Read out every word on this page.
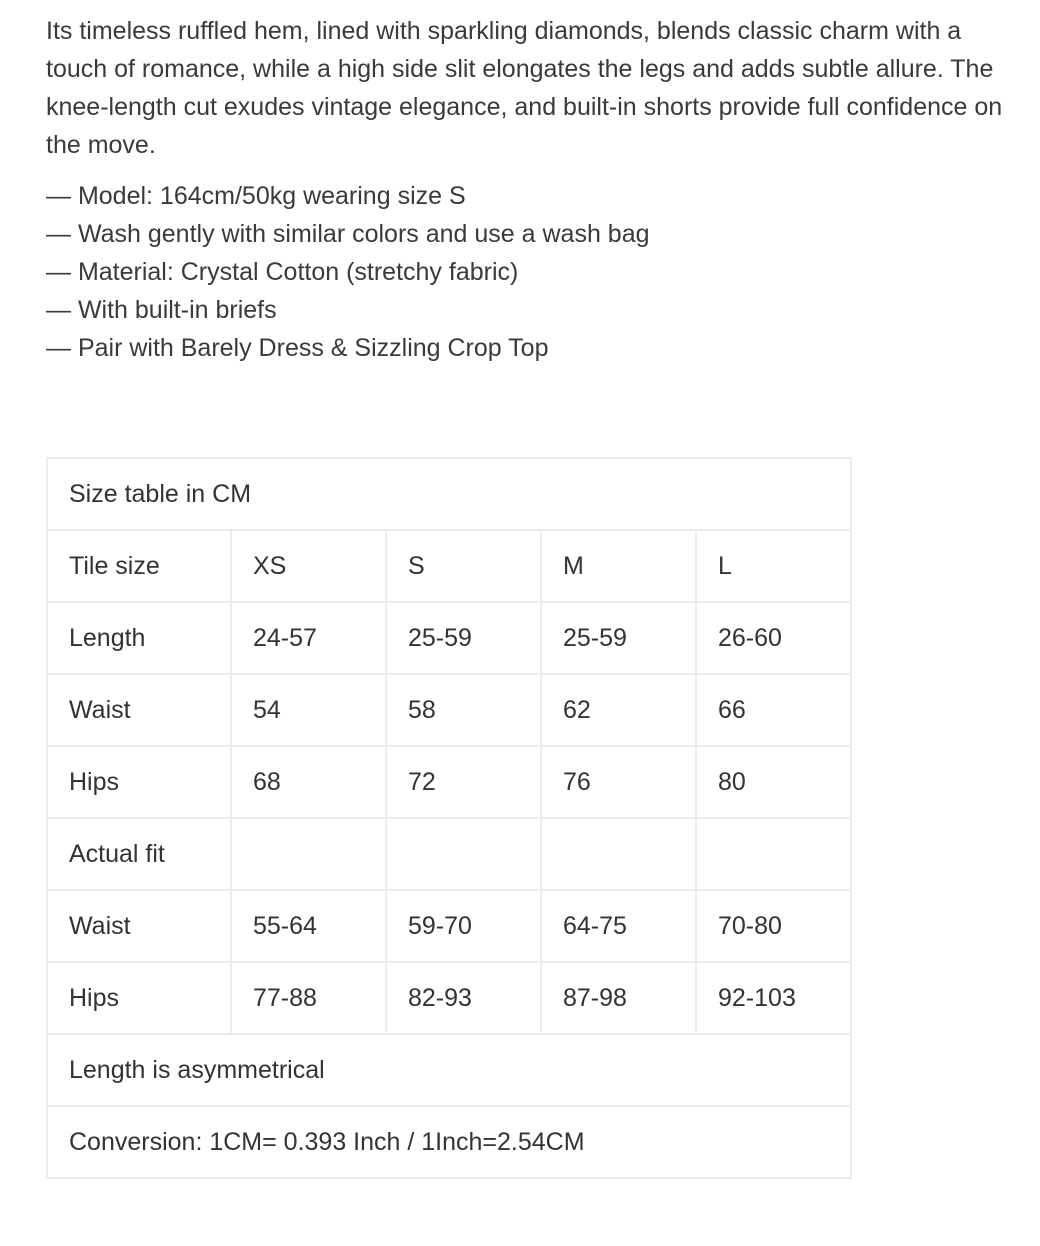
Its timeless ruffled hem, lined with sparkling diamonds, blends classic charm with a touch of romance, while a high side slit elongates the legs and adds subtle allure. The knee-length cut exudes vintage elegance, and built-in shorts provide full confidence on the move.

— Model: 164cm/50kg wearing size S
— Wash gently with similar colors and use a wash bag
— Material: Crystal Cotton (stretchy fabric)
— With built-in briefs
— Pair with Barely Dress & Sizzling Crop Top
Size table in CM				
Tile size	XS	S	M	L
Length	24-57	25-59	25-59	26-60
Waist	54	58	62	66
Hips	68	72	76	80
Actual fit				
Waist	55-64	59-70	64-75	70-80
Hips	77-88	82-93	87-98	92-103
Length is asymmetrical				
Conversion: 1CM= 0.393 Inch / 1Inch=2.54CM				
